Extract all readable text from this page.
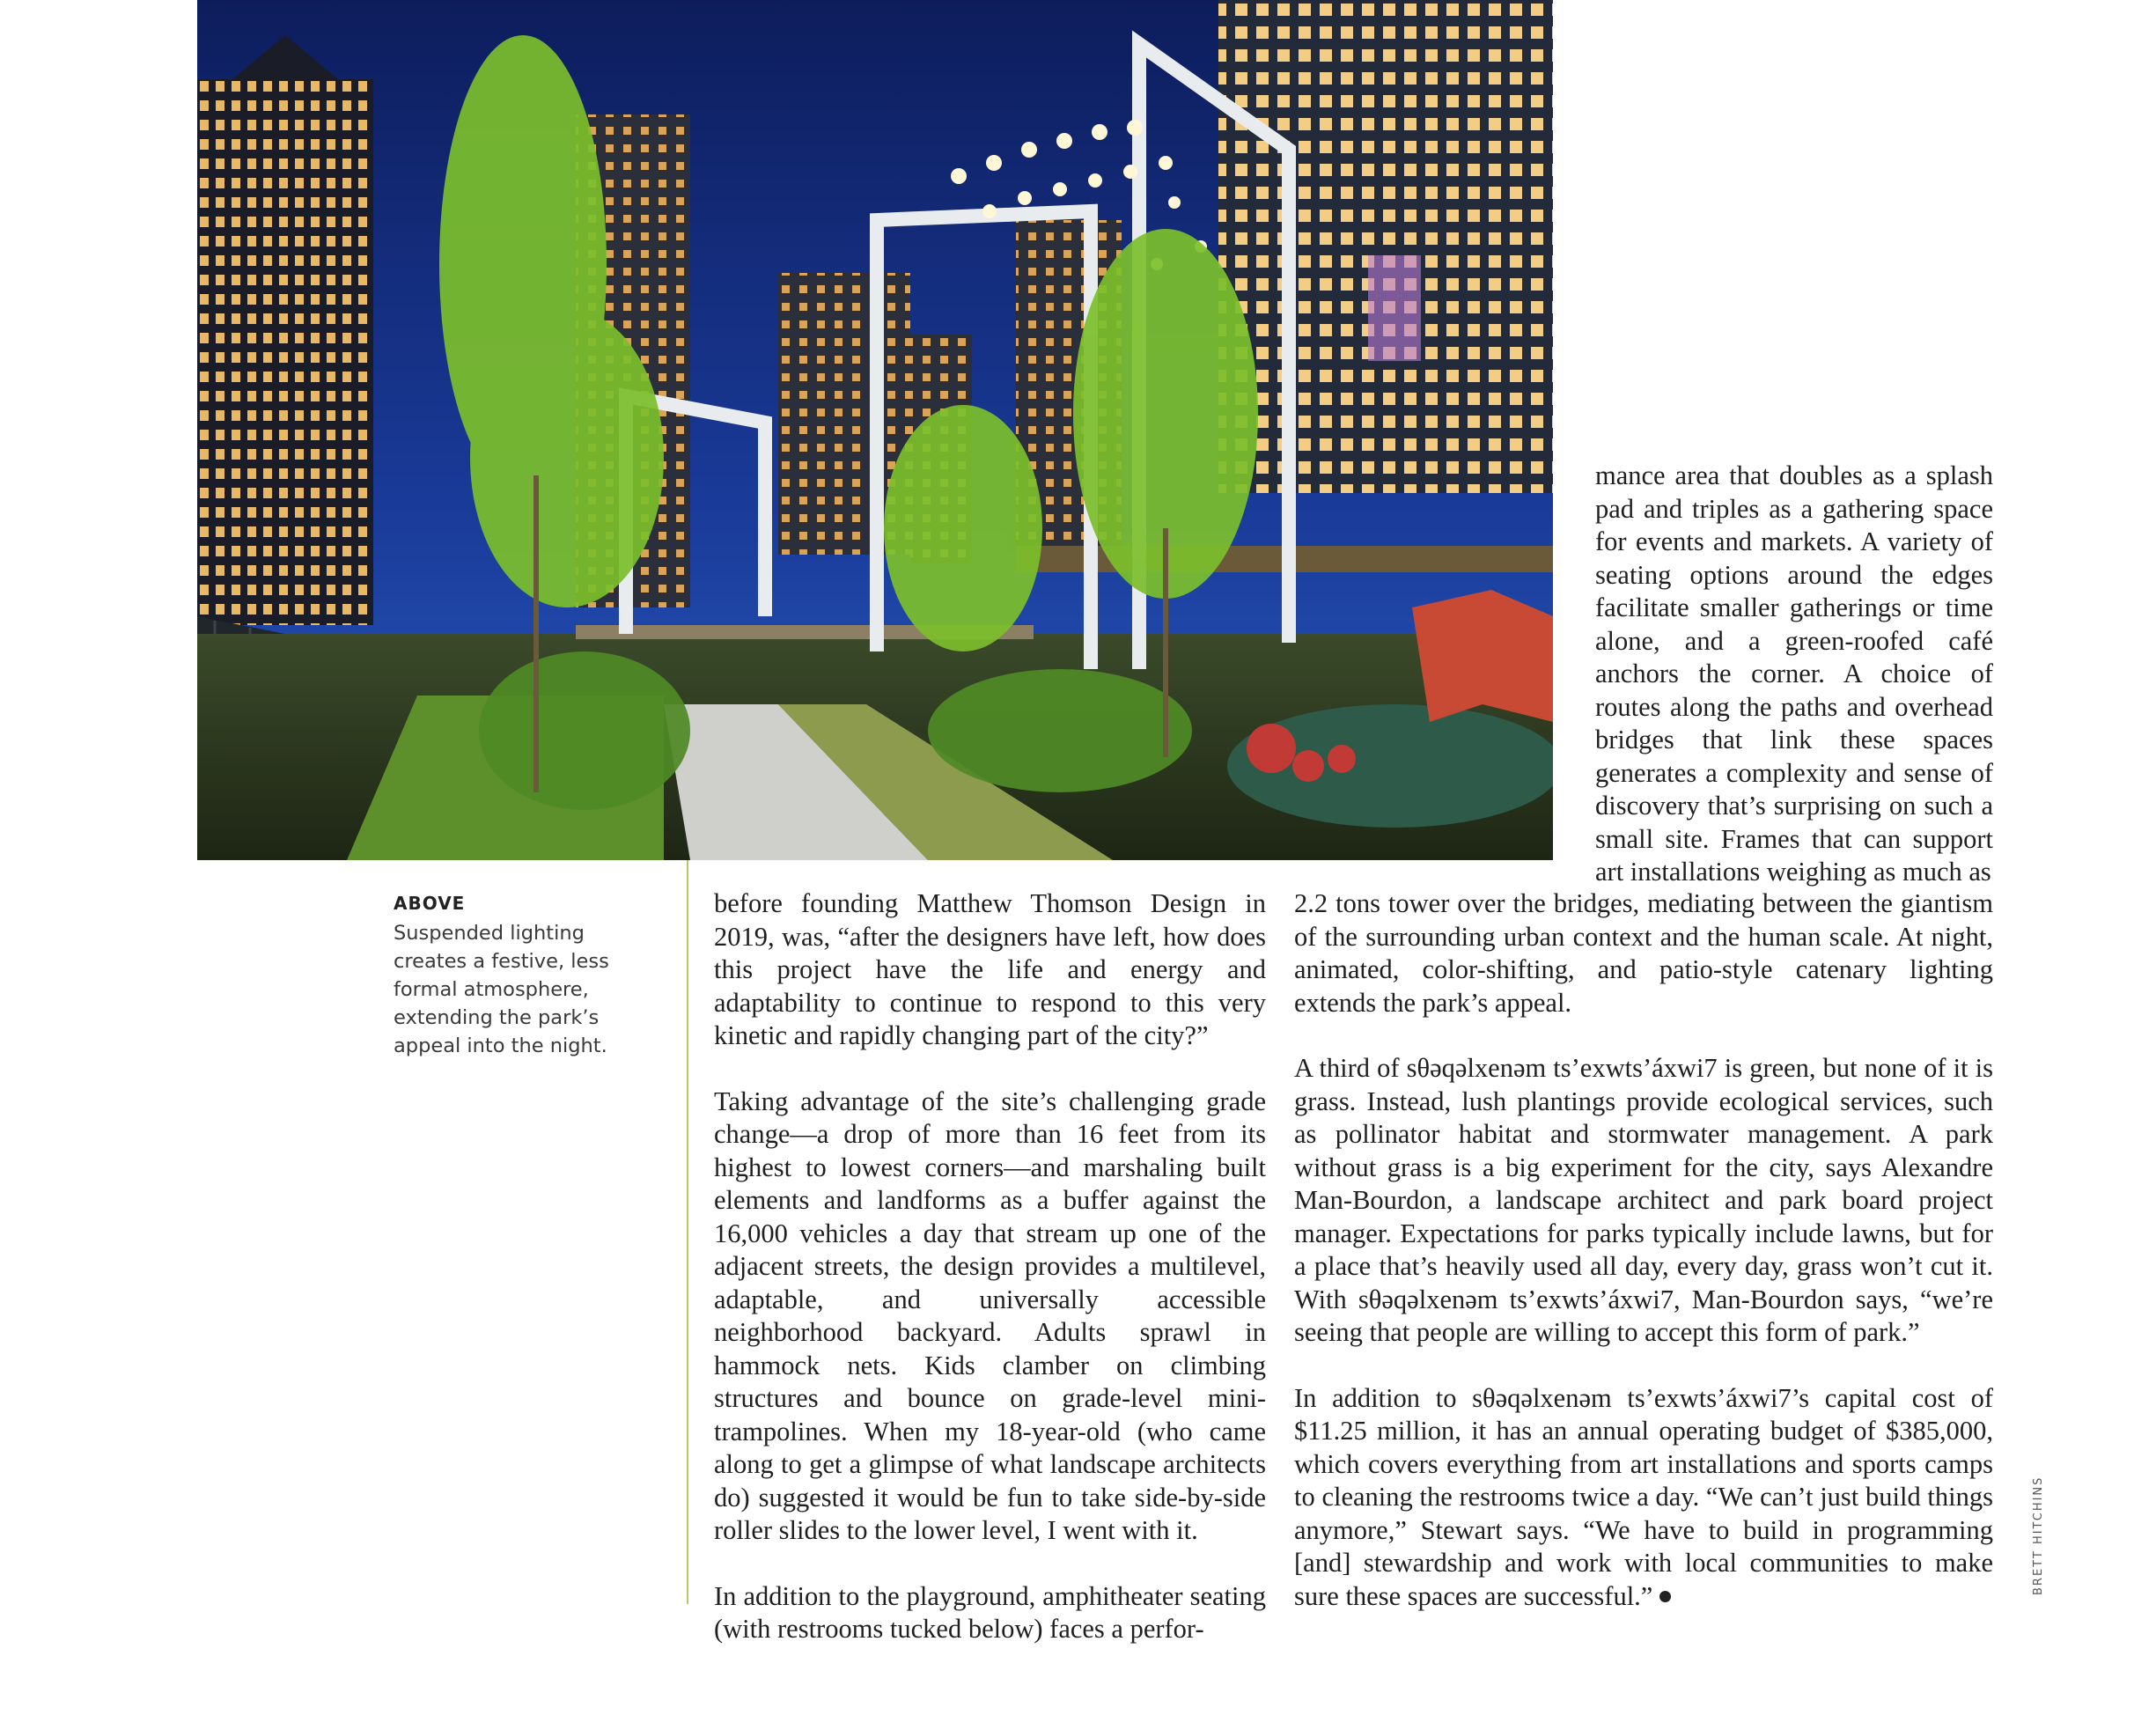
mance area that doubles as a splash pad and triples as a gathering space for events and markets. A variety of seating options around the edges facilitate smaller gatherings or time alone, and a green-roofed café anchors the corner. A choice of routes along the paths and overhead bridges that link these spaces generates a complexity and sense of discovery that’s surprising on such a small site. Frames that can support art installations weighing as much as

ABOVE
Suspended lighting creates a festive, less formal atmosphere, extending the park’s appeal into the night.

before founding Matthew Thomson Design in 2019, was, “after the designers have left, how does this project have the life and energy and adaptability to continue to respond to this very kinetic and rapidly changing part of the city?”

Taking advantage of the site’s challenging grade change—a drop of more than 16 feet from its highest to lowest corners—and marshaling built elements and landforms as a buffer against the 16,000 vehicles a day that stream up one of the adjacent streets, the design provides a multilevel, adaptable, and universally accessible neighborhood backyard. Adults sprawl in hammock nets. Kids clamber on climbing structures and bounce on grade-level mini-trampolines. When my 18-year-old (who came along to get a glimpse of what landscape architects do) suggested it would be fun to take side-by-side roller slides to the lower level, I went with it.

In addition to the playground, amphitheater seating (with restrooms tucked below) faces a perfor-

2.2 tons tower over the bridges, mediating between the giantism of the surrounding urban context and the human scale. At night, animated, color-shifting, and patio-style catenary lighting extends the park’s appeal.

A third of sθəqəlxenəm ts’exwts’áxwi7 is green, but none of it is grass. Instead, lush plantings provide ecological services, such as pollinator habitat and stormwater management. A park without grass is a big experiment for the city, says Alexandre Man-Bourdon, a landscape architect and park board project manager. Expectations for parks typically include lawns, but for a place that’s heavily used all day, every day, grass won’t cut it. With sθəqəlxenəm ts’exwts’áxwi7, Man-Bourdon says, “we’re seeing that people are willing to accept this form of park.”

In addition to sθəqəlxenəm ts’exwts’áxwi7’s capital cost of $11.25 million, it has an annual operating budget of $385,000, which covers everything from art installations and sports camps to cleaning the restrooms twice a day. “We can’t just build things anymore,” Stewart says. “We have to build in programming [and] stewardship and work with local communities to make sure these spaces are successful.”

BRETT HITCHINS
